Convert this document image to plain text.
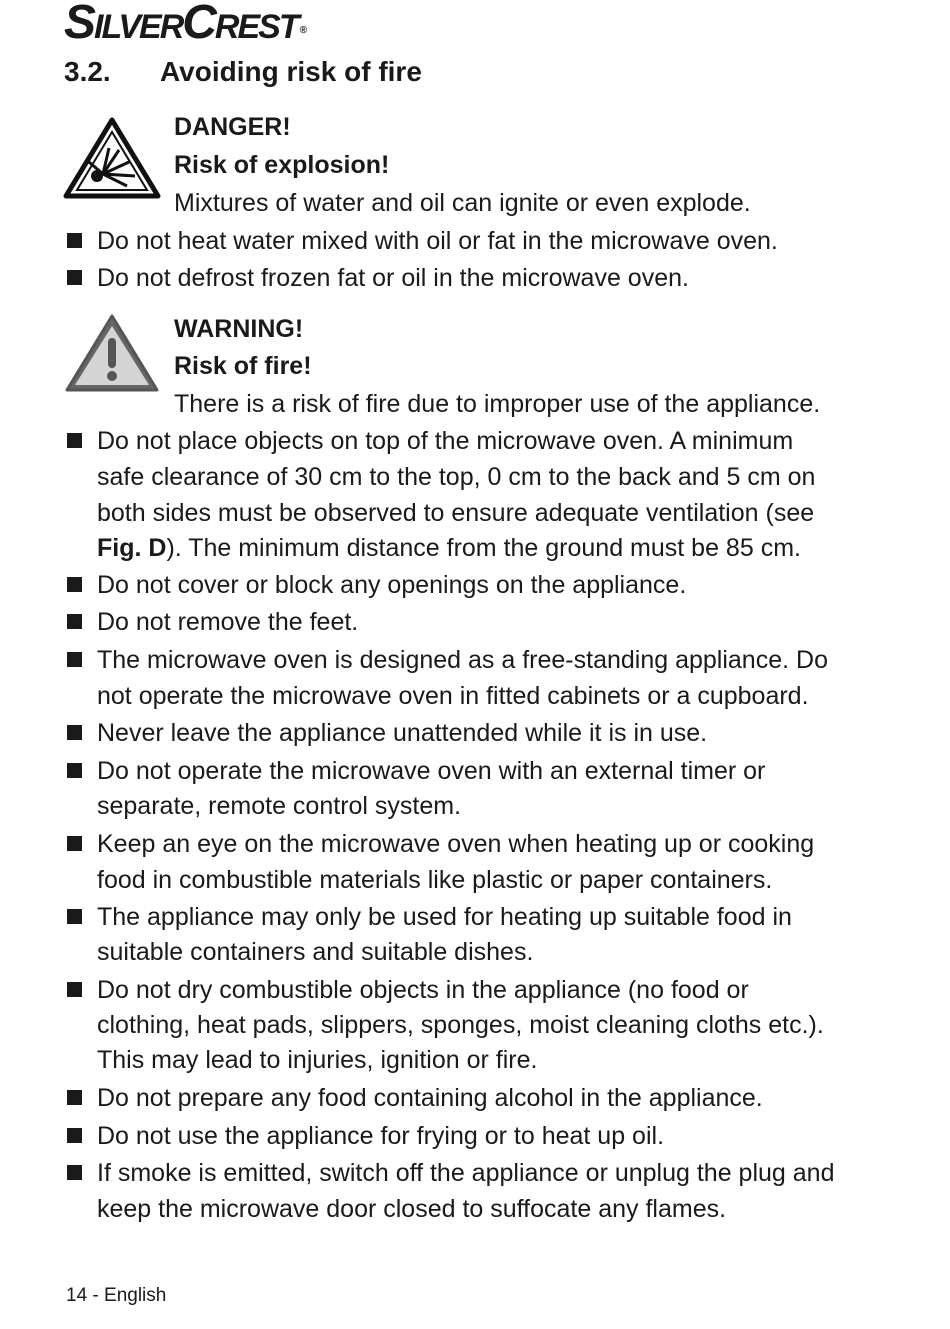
SilverCrest ®
3.2. Avoiding risk of fire
DANGER!
Risk of explosion!
Mixtures of water and oil can ignite or even explode.
WARNING!
Risk of fire!
There is a risk of fire due to improper use of the appliance.
Do not heat water mixed with oil or fat in the microwave oven.
Do not defrost frozen fat or oil in the microwave oven.
Do not place objects on top of the microwave oven. A minimum
safe clearance of 30 cm to the top, 0 cm to the back and 5 cm on
both sides must be observed to ensure adequate ventilation (see
Fig. D). The minimum distance from the ground must be 85 cm.
Do not cover or block any openings on the appliance.
Do not remove the feet.
The microwave oven is designed as a free-standing appliance. Do
not operate the microwave oven in fitted cabinets or a cupboard.
Never leave the appliance unattended while it is in use.
Do not operate the microwave oven with an external timer or
separate, remote control system.
Keep an eye on the microwave oven when heating up or cooking
food in combustible materials like plastic or paper containers.
The appliance may only be used for heating up suitable food in
suitable containers and suitable dishes.
Do not dry combustible objects in the appliance (no food or
clothing, heat pads, slippers, sponges, moist cleaning cloths etc.).
This may lead to injuries, ignition or fire.
Do not prepare any food containing alcohol in the appliance.
Do not use the appliance for frying or to heat up oil.
If smoke is emitted, switch off the appliance or unplug the plug and
keep the microwave door closed to suffocate any flames.
14 - English
